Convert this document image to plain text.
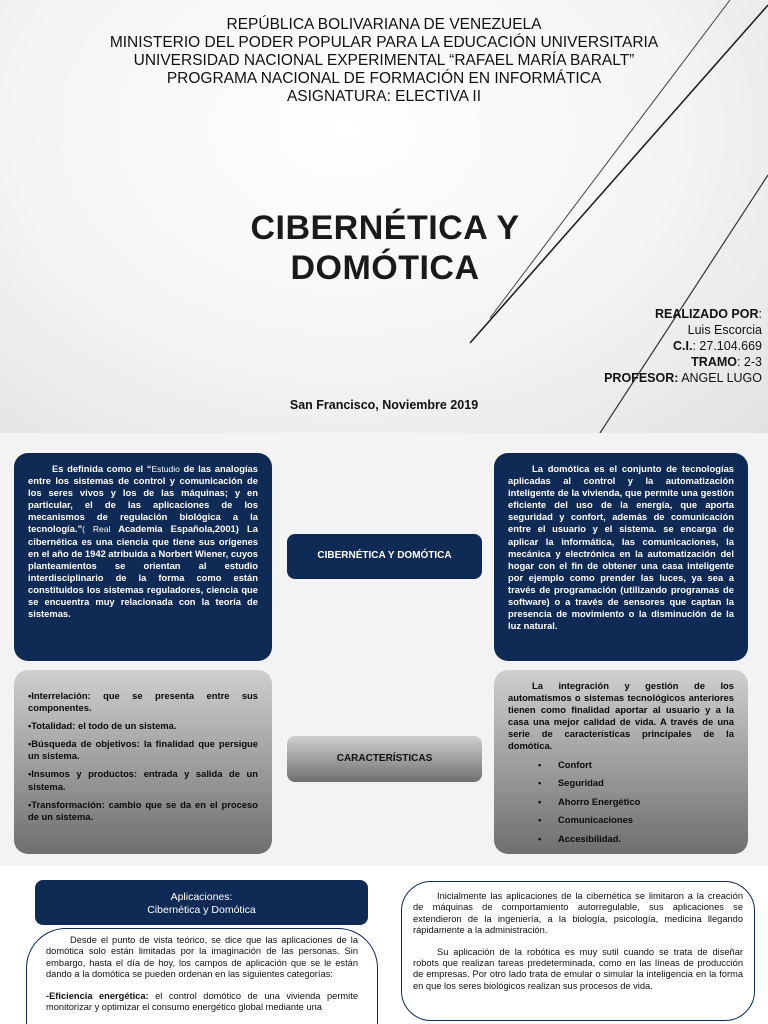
REPÚBLICA BOLIVARIANA DE VENEZUELA
MINISTERIO DEL PODER POPULAR PARA LA EDUCACIÓN UNIVERSITARIA
UNIVERSIDAD NACIONAL EXPERIMENTAL “RAFAEL MARÍA BARALT”
PROGRAMA NACIONAL DE FORMACIÓN EN INFORMÁTICA
ASIGNATURA: ELECTIVA II
CIBERNÉTICA Y
DOMÓTICA
REALIZADO POR:
Luis Escorcia
C.I.: 27.104.669
TRAMO: 2-3
PROFESOR: ANGEL LUGO
San Francisco, Noviembre 2019

Es definida como el “Estudio de las analogías entre los sistemas de control y comunicación de los seres vivos y los de las máquinas; y en particular, el de las aplicaciones de los mecanismos de regulación biológica a la tecnología.”( Real Academia Española,2001) La cibernética es una ciencia que tiene sus orígenes en el año de 1942 atribuida a Norbert Wiener, cuyos planteamientos se orientan al estudio interdisciplinario de la forma como están constituidos los sistemas reguladores, ciencia que se encuentra muy relacionada con la teoría de sistemas.

CIBERNÉTICA Y DOMÓTICA

La domótica es el conjunto de tecnologías aplicadas al control y la automatización inteligente de la vivienda, que permite una gestión eficiente del uso de la energía, que aporta seguridad y confort, además de comunicación entre el usuario y el sistema. se encarga de aplicar la informática, las comunicaciones, la mecánica y electrónica en la automatización del hogar con el fin de obtener una casa inteligente por ejemplo como prender las luces, ya sea a través de programación (utilizando programas de software) o a través de sensores que captan la presencia de movimiento o la disminución de la luz natural.

•Interrelación: que se presenta entre sus componentes.
•Totalidad: el todo de un sistema.
•Búsqueda de objetivos: la finalidad que persigue un sistema.
•Insumos y productos: entrada y salida de un sistema.
•Transformación: cambio que se da en el proceso de un sistema.
CARACTERÍSTICAS

La integración y gestión de los automatismos o sistemas tecnológicos anteriores tienen como finalidad aportar al usuario y a la casa una mejor calidad de vida. A través de una serie de características principales de la domótica.

• Confort
• Seguridad
• Ahorro Energético
• Comunicaciones
• Accesibilidad.
Aplicaciones:
Cibernética y Domótica

Desde el punto de vista teórico, se dice que las aplicaciones de la domótica solo están limitadas por la imaginación de las personas. Sin embargo, hasta el día de hoy, los campos de aplicación que se le están dando a la domótica se pueden ordenan en las siguientes categorías:

-Eficiencia energética: el control domótico de una vivienda permite monitorizar y optimizar el consumo energético global mediante una

Inicialmente las aplicaciones de la cibernética se limitaron a la creación de máquinas de comportamiento autorregulable, sus aplicaciones se extendieron de la ingeniería, a la biología, psicología, medicina llegando rápidamente a la administración.

Su aplicación de la robótica es muy sutil cuando se trata de diseñar robots que realizan tareas predeterminada, como en las líneas de producción de empresas. Por otro lado trata de emular o simular la inteligencia en la forma en que los seres biológicos realizan sus procesos de vida.
